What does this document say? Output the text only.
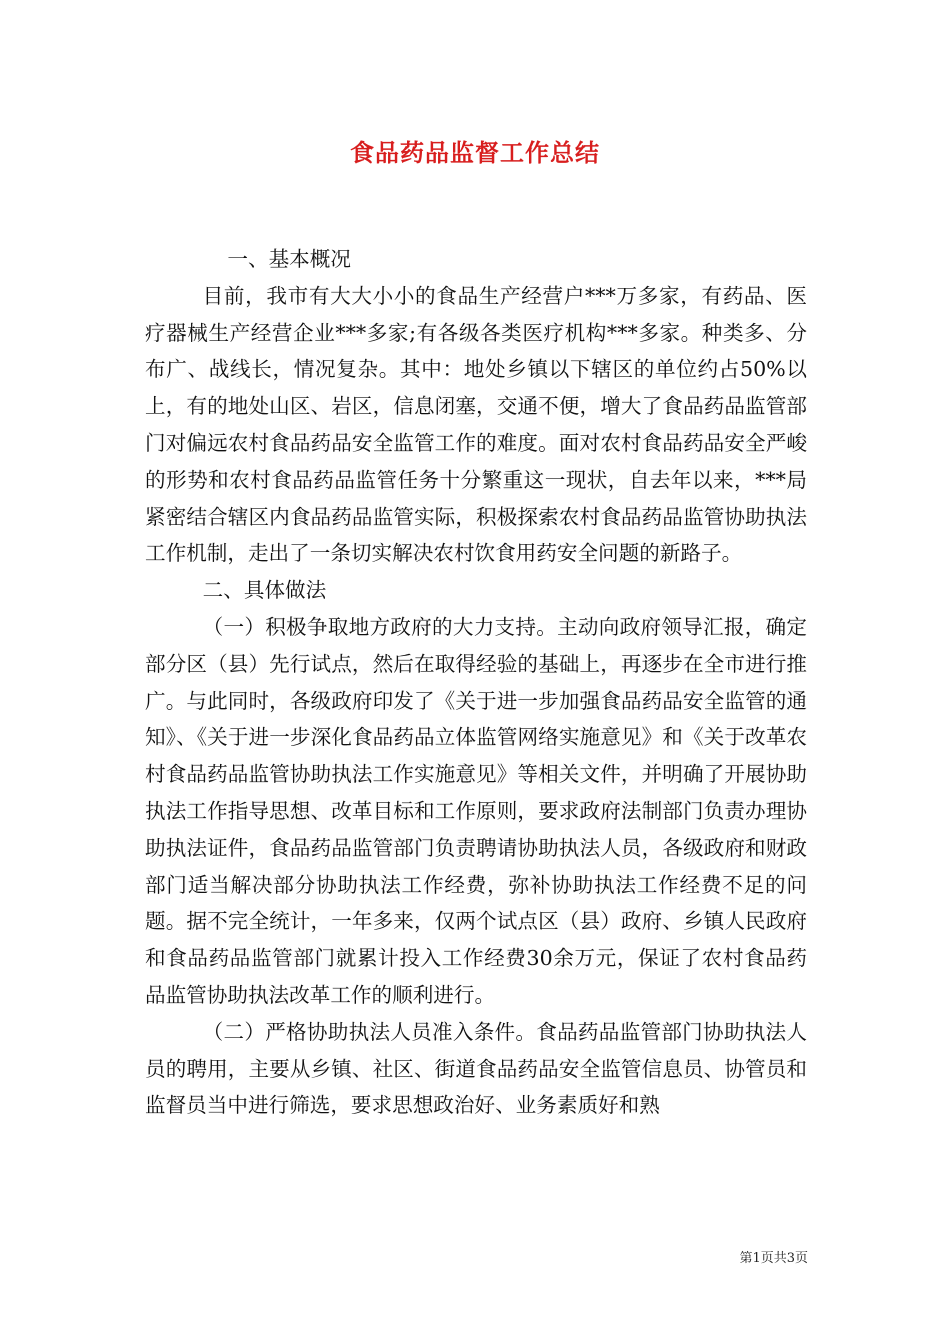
食品药品监督工作总结

一、基本概况

目前，我市有大大小小的食品生产经营户***万多家，有药品、医疗器械生产经营企业***多家;有各级各类医疗机构***多家。种类多、分布广、战线长，情况复杂。其中：地处乡镇以下辖区的单位约占50%以上，有的地处山区、岩区，信息闭塞，交通不便，增大了食品药品监管部门对偏远农村食品药品安全监管工作的难度。面对农村食品药品安全严峻的形势和农村食品药品监管任务十分繁重这一现状，自去年以来，***局紧密结合辖区内食品药品监管实际，积极探索农村食品药品监管协助执法工作机制，走出了一条切实解决农村饮食用药安全问题的新路子。

二、具体做法

（一）积极争取地方政府的大力支持。主动向政府领导汇报，确定部分区（县）先行试点，然后在取得经验的基础上，再逐步在全市进行推广。与此同时，各级政府印发了《关于进一步加强食品药品安全监管的通知》、《关于进一步深化食品药品立体监管网络实施意见》和《关于改革农村食品药品监管协助执法工作实施意见》等相关文件，并明确了开展协助执法工作指导思想、改革目标和工作原则，要求政府法制部门负责办理协助执法证件，食品药品监管部门负责聘请协助执法人员，各级政府和财政部门适当解决部分协助执法工作经费，弥补协助执法工作经费不足的问题。据不完全统计，一年多来，仅两个试点区（县）政府、乡镇人民政府和食品药品监管部门就累计投入工作经费30余万元，保证了农村食品药品监管协助执法改革工作的顺利进行。

（二）严格协助执法人员准入条件。食品药品监管部门协助执法人员的聘用，主要从乡镇、社区、街道食品药品安全监管信息员、协管员和监督员当中进行筛选，要求思想政治好、业务素质好和熟

第1页共3页
